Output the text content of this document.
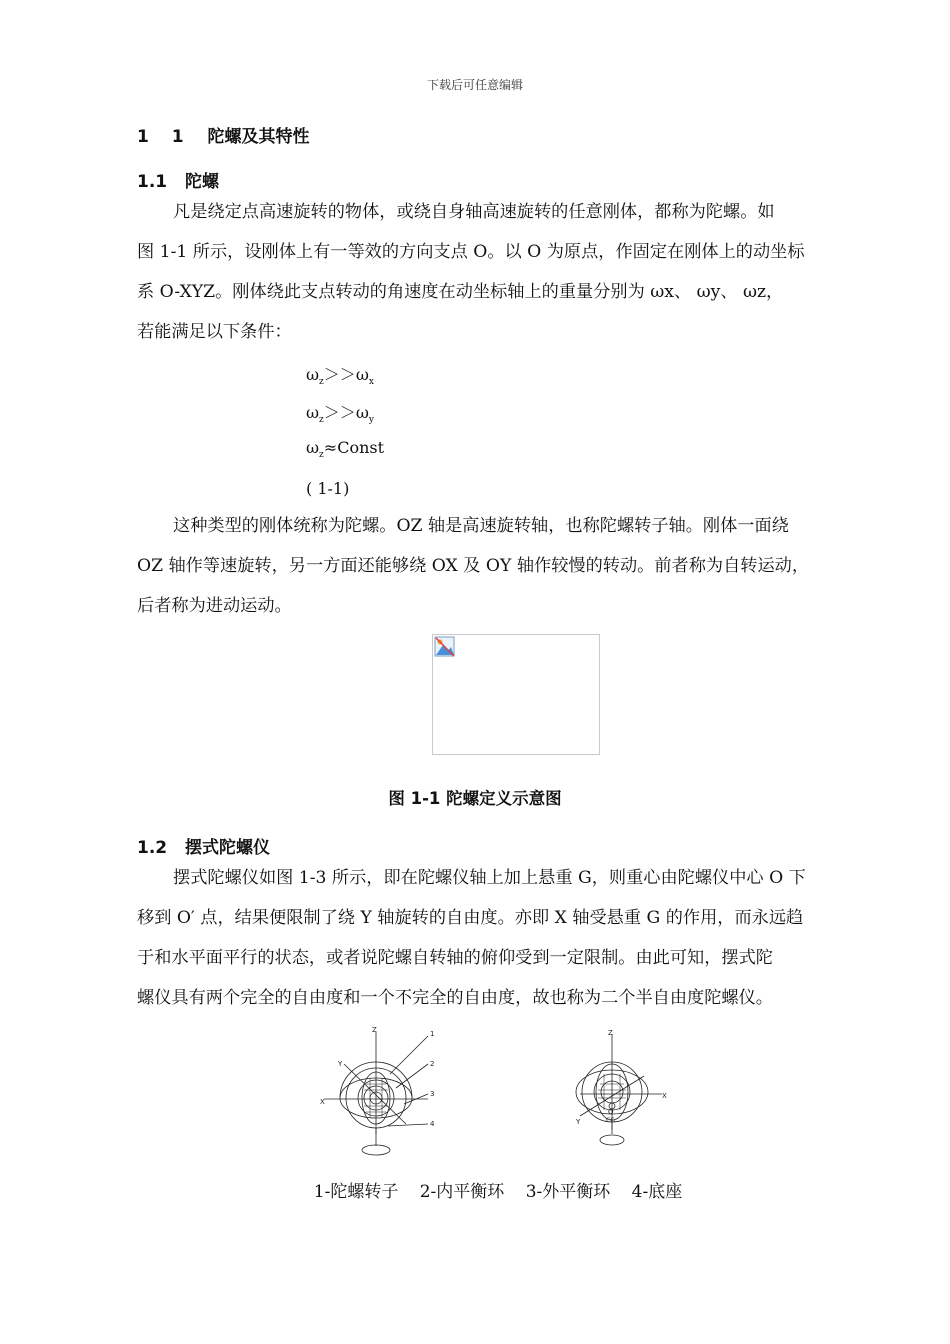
下载后可任意编辑
1　 1 陀螺及其特性
1.1 陀螺
凡是绕定点高速旋转的物体，或绕自身轴高速旋转的任意刚体，都称为陀螺。如
图 1-1 所示，设刚体上有一等效的方向支点 O。以 O 为原点，作固定在刚体上的动坐标
系 O-XYZ。刚体绕此支点转动的角速度在动坐标轴上的重量分别为 ωx、 ωy、 ωz，
若能满足以下条件：
$\omega_z>>\omega_x$
$\omega_z>>\omega_y$
$\omega_z\approx Const$
( 1-1)
这种类型的刚体统称为陀螺。OZ 轴是高速旋转轴，也称陀螺转子轴。刚体一面绕
OZ 轴作等速旋转，另一方面还能够绕 OX 及 OY 轴作较慢的转动。前者称为自转运动，
后者称为进动运动。
图 1-1 陀螺定义示意图
1.2 摆式陀螺仪
摆式陀螺仪如图 1-3 所示，即在陀螺仪轴上加上悬重 G，则重心由陀螺仪中心 O 下
移到 O′ 点，结果便限制了绕 Y 轴旋转的自由度。亦即 X 轴受悬重 G 的作用，而永远趋
于和水平面平行的状态，或者说陀螺自转轴的俯仰受到一定限制。由此可知，摆式陀
螺仪具有两个完全的自由度和一个不完全的自由度，故也称为二个半自由度陀螺仪。
Z
Y
X
1
2
3
4
Z
X
Y
O
CG
1-陀螺转子 2-内平衡环 3-外平衡环 4-底座
